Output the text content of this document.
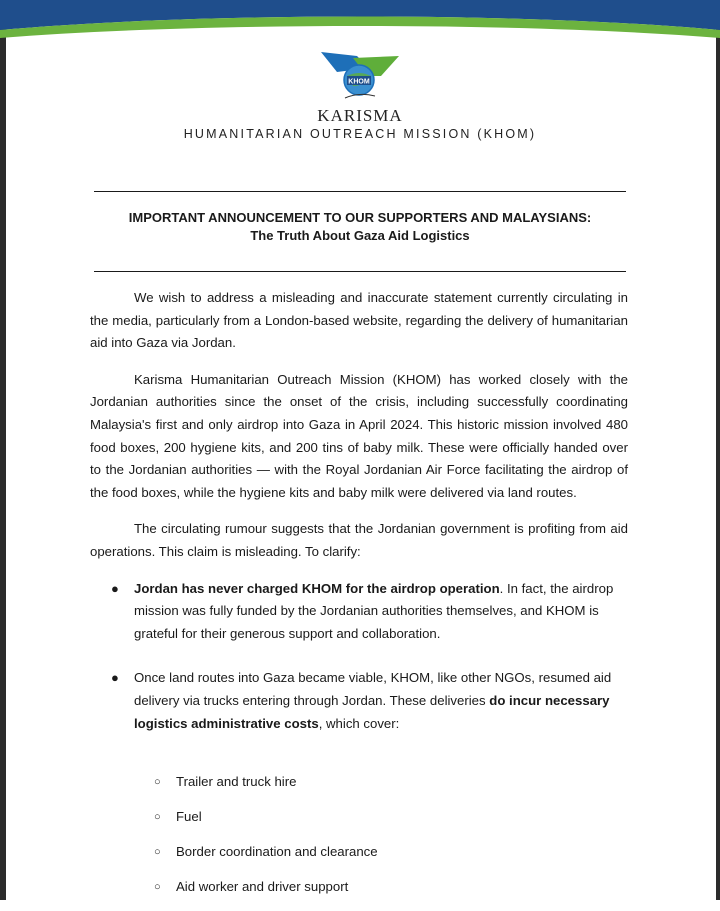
KHOM
KARISMA
HUMANITARIAN OUTREACH MISSION (KHOM)
IMPORTANT ANNOUNCEMENT TO OUR SUPPORTERS AND MALAYSIANS:
The Truth About Gaza Aid Logistics

We wish to address a misleading and inaccurate statement currently circulating in the media, particularly from a London-based website, regarding the delivery of humanitarian aid into Gaza via Jordan.

Karisma Humanitarian Outreach Mission (KHOM) has worked closely with the Jordanian authorities since the onset of the crisis, including successfully coordinating Malaysia's first and only airdrop into Gaza in April 2024. This historic mission involved 480 food boxes, 200 hygiene kits, and 200 tins of baby milk. These were officially handed over to the Jordanian authorities — with the Royal Jordanian Air Force facilitating the airdrop of the food boxes, while the hygiene kits and baby milk were delivered via land routes.

The circulating rumour suggests that the Jordanian government is profiting from aid operations. This claim is misleading. To clarify:

● Jordan has never charged KHOM for the airdrop operation. In fact, the airdrop mission was fully funded by the Jordanian authorities themselves, and KHOM is grateful for their generous support and collaboration.
● Once land routes into Gaza became viable, KHOM, like other NGOs, resumed aid delivery via trucks entering through Jordan. These deliveries do incur necessary logistics administrative costs, which cover:
○ Trailer and truck hire
○ Fuel
○ Border coordination and clearance
○ Aid worker and driver support
